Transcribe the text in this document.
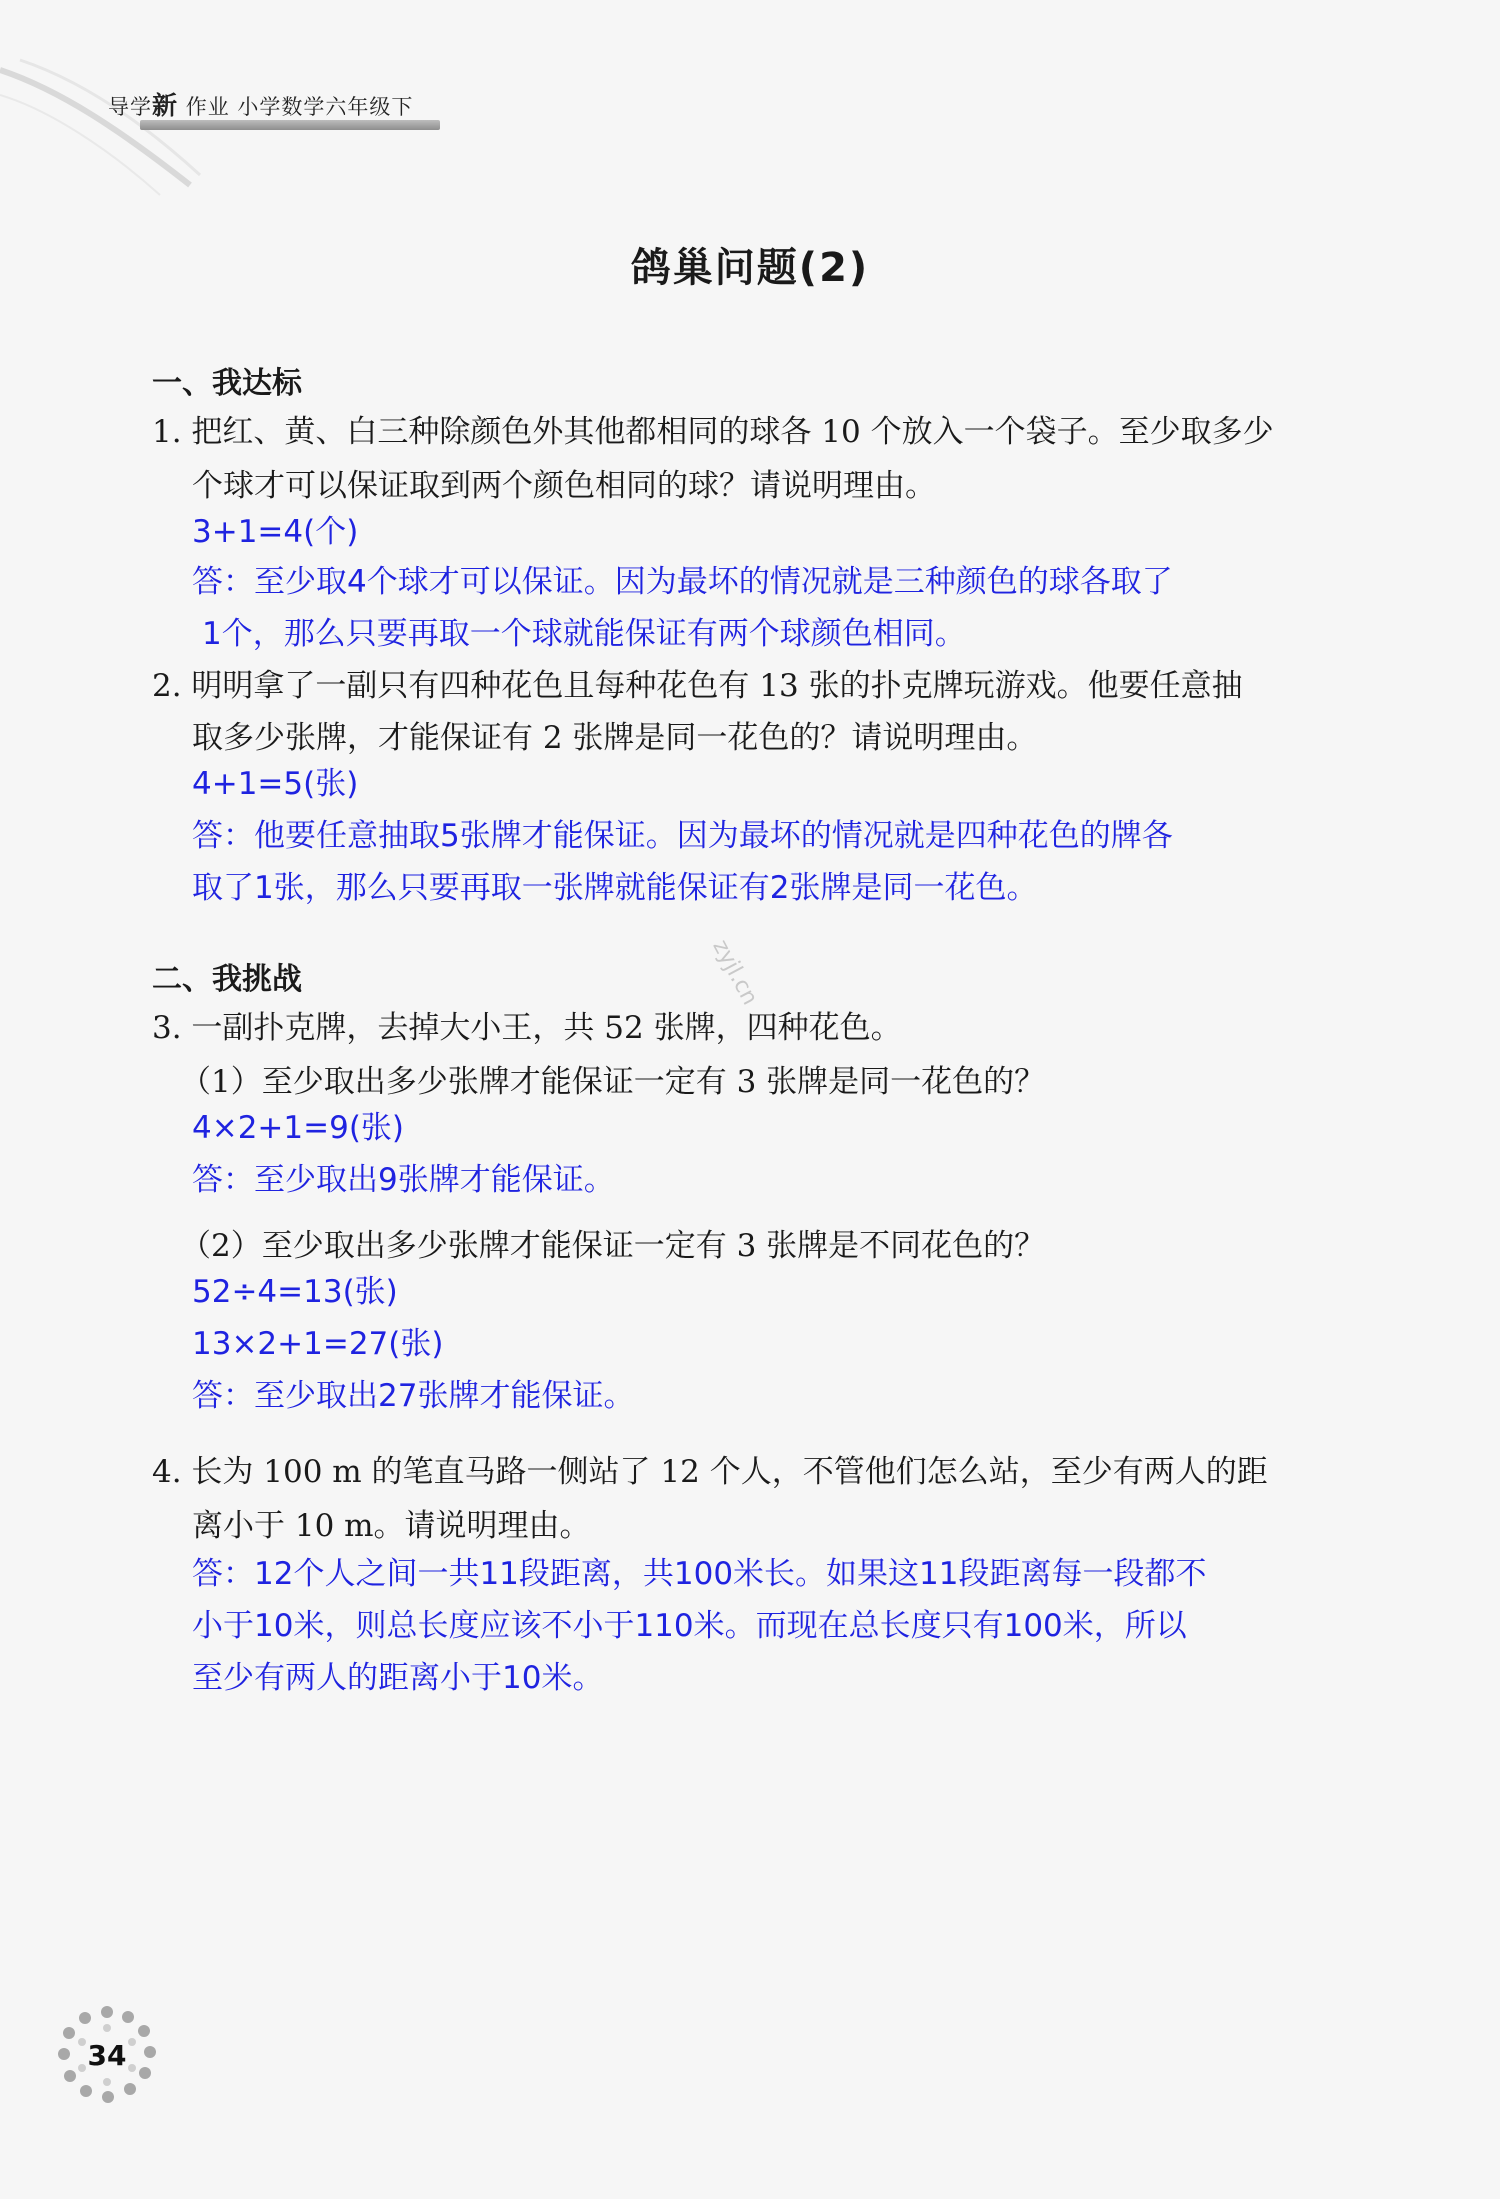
导学新 作业 小学数学六年级下
鸽巢问题(2)
一、我达标
1. 把红、黄、白三种除颜色外其他都相同的球各 10 个放入一个袋子。至少取多少
个球才可以保证取到两个颜色相同的球？请说明理由。
3+1=4(个)
答：至少取4个球才可以保证。因为最坏的情况就是三种颜色的球各取了
1个，那么只要再取一个球就能保证有两个球颜色相同。
2. 明明拿了一副只有四种花色且每种花色有 13 张的扑克牌玩游戏。他要任意抽
取多少张牌，才能保证有 2 张牌是同一花色的？请说明理由。
4+1=5(张)
答：他要任意抽取5张牌才能保证。因为最坏的情况就是四种花色的牌各
取了1张，那么只要再取一张牌就能保证有2张牌是同一花色。
二、我挑战	zyjl.cn
3. 一副扑克牌，去掉大小王，共 52 张牌，四种花色。
（1）至少取出多少张牌才能保证一定有 3 张牌是同一花色的？
4×2+1=9(张)
答：至少取出9张牌才能保证。
（2）至少取出多少张牌才能保证一定有 3 张牌是不同花色的？
52÷4=13(张)
13×2+1=27(张)
答：至少取出27张牌才能保证。
4. 长为 100 m 的笔直马路一侧站了 12 个人，不管他们怎么站，至少有两人的距
离小于 10 m。请说明理由。
答：12个人之间一共11段距离，共100米长。如果这11段距离每一段都不
小于10米，则总长度应该不小于110米。而现在总长度只有100米，所以
至少有两人的距离小于10米。
34
